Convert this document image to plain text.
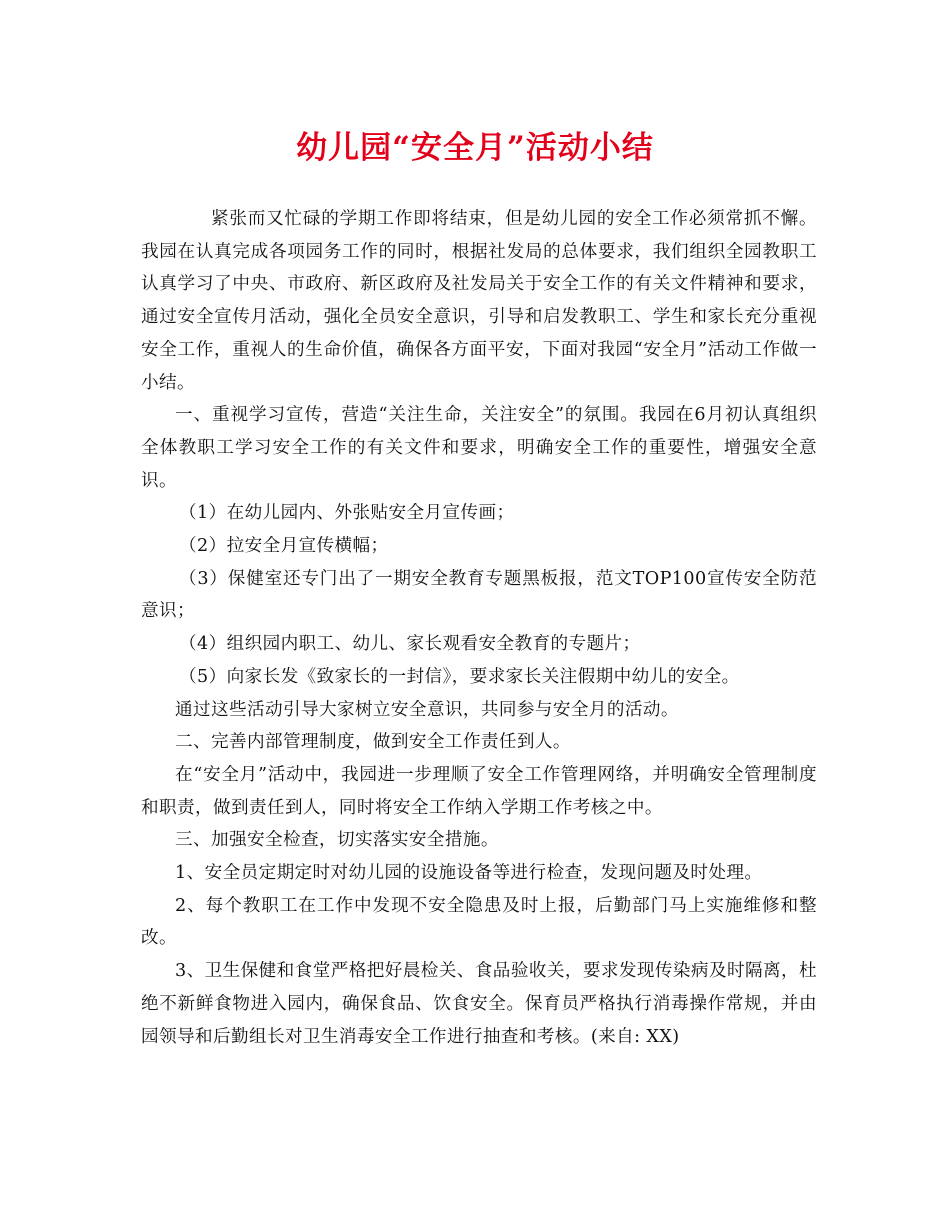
幼儿园“安全月”活动小结

紧张而又忙碌的学期工作即将结束，但是幼儿园的安全工作必须常抓不懈。我园在认真完成各项园务工作的同时，根据社发局的总体要求，我们组织全园教职工认真学习了中央、市政府、新区政府及社发局关于安全工作的有关文件精神和要求，通过安全宣传月活动，强化全员安全意识，引导和启发教职工、学生和家长充分重视安全工作，重视人的生命价值，确保各方面平安，下面对我园“安全月”活动工作做一小结。

一、重视学习宣传，营造“关注生命，关注安全”的氛围。我园在6月初认真组织全体教职工学习安全工作的有关文件和要求，明确安全工作的重要性，增强安全意识。

（1）在幼儿园内、外张贴安全月宣传画；

（2）拉安全月宣传横幅；

（3）保健室还专门出了一期安全教育专题黑板报，范文TOP100宣传安全防范意识；

（4）组织园内职工、幼儿、家长观看安全教育的专题片；

（5）向家长发《致家长的一封信》，要求家长关注假期中幼儿的安全。

通过这些活动引导大家树立安全意识，共同参与安全月的活动。

二、完善内部管理制度，做到安全工作责任到人。

在“安全月”活动中，我园进一步理顺了安全工作管理网络，并明确安全管理制度和职责，做到责任到人，同时将安全工作纳入学期工作考核之中。

三、加强安全检查，切实落实安全措施。

1、安全员定期定时对幼儿园的设施设备等进行检查，发现问题及时处理。

2、每个教职工在工作中发现不安全隐患及时上报，后勤部门马上实施维修和整改。

3、卫生保健和食堂严格把好晨检关、食品验收关，要求发现传染病及时隔离，杜绝不新鲜食物进入园内，确保食品、饮食安全。保育员严格执行消毒操作常规，并由园领导和后勤组长对卫生消毒安全工作进行抽查和考核。(来自: XX)
